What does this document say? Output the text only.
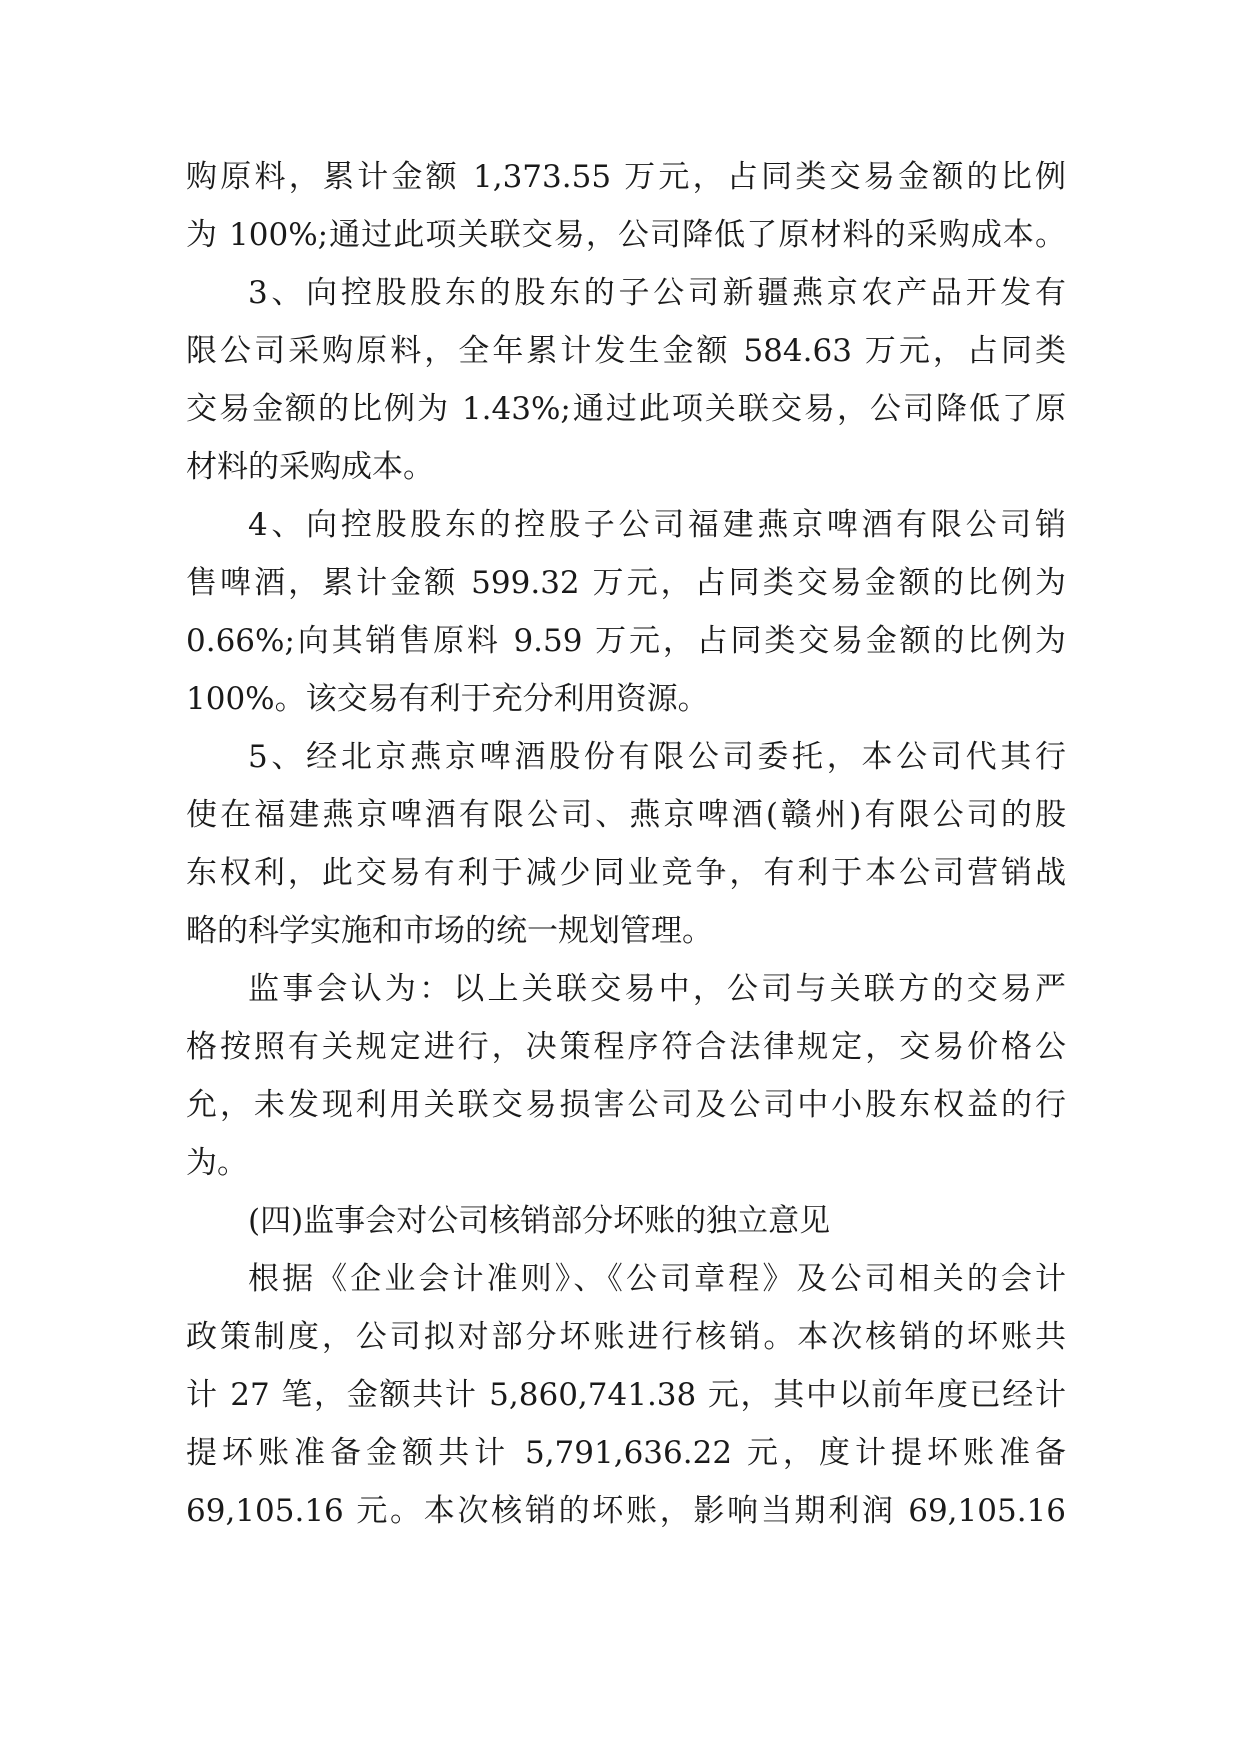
购原料，累计金额 1,373.55 万元，占同类交易金额的比例
为 100%;通过此项关联交易，公司降低了原材料的采购成本。
3、向控股股东的股东的子公司新疆燕京农产品开发有
限公司采购原料，全年累计发生金额 584.63 万元，占同类
交易金额的比例为 1.43%;通过此项关联交易，公司降低了原
材料的采购成本。
4、向控股股东的控股子公司福建燕京啤酒有限公司销
售啤酒，累计金额 599.32 万元，占同类交易金额的比例为
0.66%;向其销售原料 9.59 万元，占同类交易金额的比例为
100%。该交易有利于充分利用资源。
5、经北京燕京啤酒股份有限公司委托，本公司代其行
使在福建燕京啤酒有限公司、燕京啤酒(赣州)有限公司的股
东权利，此交易有利于减少同业竞争，有利于本公司营销战
略的科学实施和市场的统一规划管理。
监事会认为：以上关联交易中，公司与关联方的交易严
格按照有关规定进行，决策程序符合法律规定，交易价格公
允，未发现利用关联交易损害公司及公司中小股东权益的行
为。
(四)监事会对公司核销部分坏账的独立意见
根据《企业会计准则》、《公司章程》及公司相关的会计
政策制度，公司拟对部分坏账进行核销。本次核销的坏账共
计 27 笔，金额共计 5,860,741.38 元，其中以前年度已经计
提坏账准备金额共计 5,791,636.22 元，度计提坏账准备
69,105.16 元。本次核销的坏账，影响当期利润 69,105.16
